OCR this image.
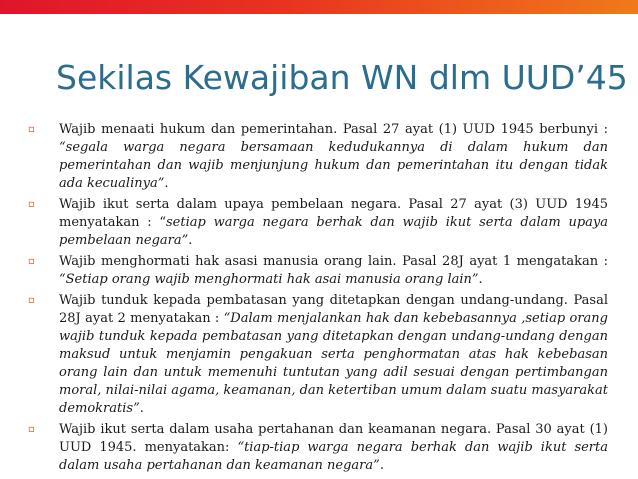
Sekilas Kewajiban WN dlm UUD’45
▫	Wajib menaati hukum dan pemerintahan. Pasal 27 ayat (1) UUD 1945 berbunyi : “segala warga negara bersamaan kedudukannya di dalam hukum dan pemerintahan dan wajib menjunjung hukum dan pemerintahan itu dengan tidak ada kecualinya”.
▫	Wajib ikut serta dalam upaya pembelaan negara. Pasal 27 ayat (3) UUD 1945 menyatakan : “setiap warga negara berhak dan wajib ikut serta dalam upaya pembelaan negara”.
▫	Wajib menghormati hak asasi manusia orang lain. Pasal 28J ayat 1 mengatakan : “Setiap orang wajib menghormati hak asai manusia orang lain”.
▫	Wajib tunduk kepada pembatasan yang ditetapkan dengan undang-undang. Pasal 28J ayat 2 menyatakan : “Dalam menjalankan hak dan kebebasannya ,setiap orang wajib tunduk kepada pembatasan yang ditetapkan dengan undang-undang dengan maksud untuk menjamin pengakuan serta penghormatan atas hak kebebasan orang lain dan untuk memenuhi tuntutan yang adil sesuai dengan pertimbangan moral, nilai-nilai agama, keamanan, dan ketertiban umum dalam suatu masyarakat demokratis”.
▫	Wajib ikut serta dalam usaha pertahanan dan keamanan negara. Pasal 30 ayat (1) UUD 1945. menyatakan: “tiap-tiap warga negara berhak dan wajib ikut serta dalam usaha pertahanan dan keamanan negara”.
